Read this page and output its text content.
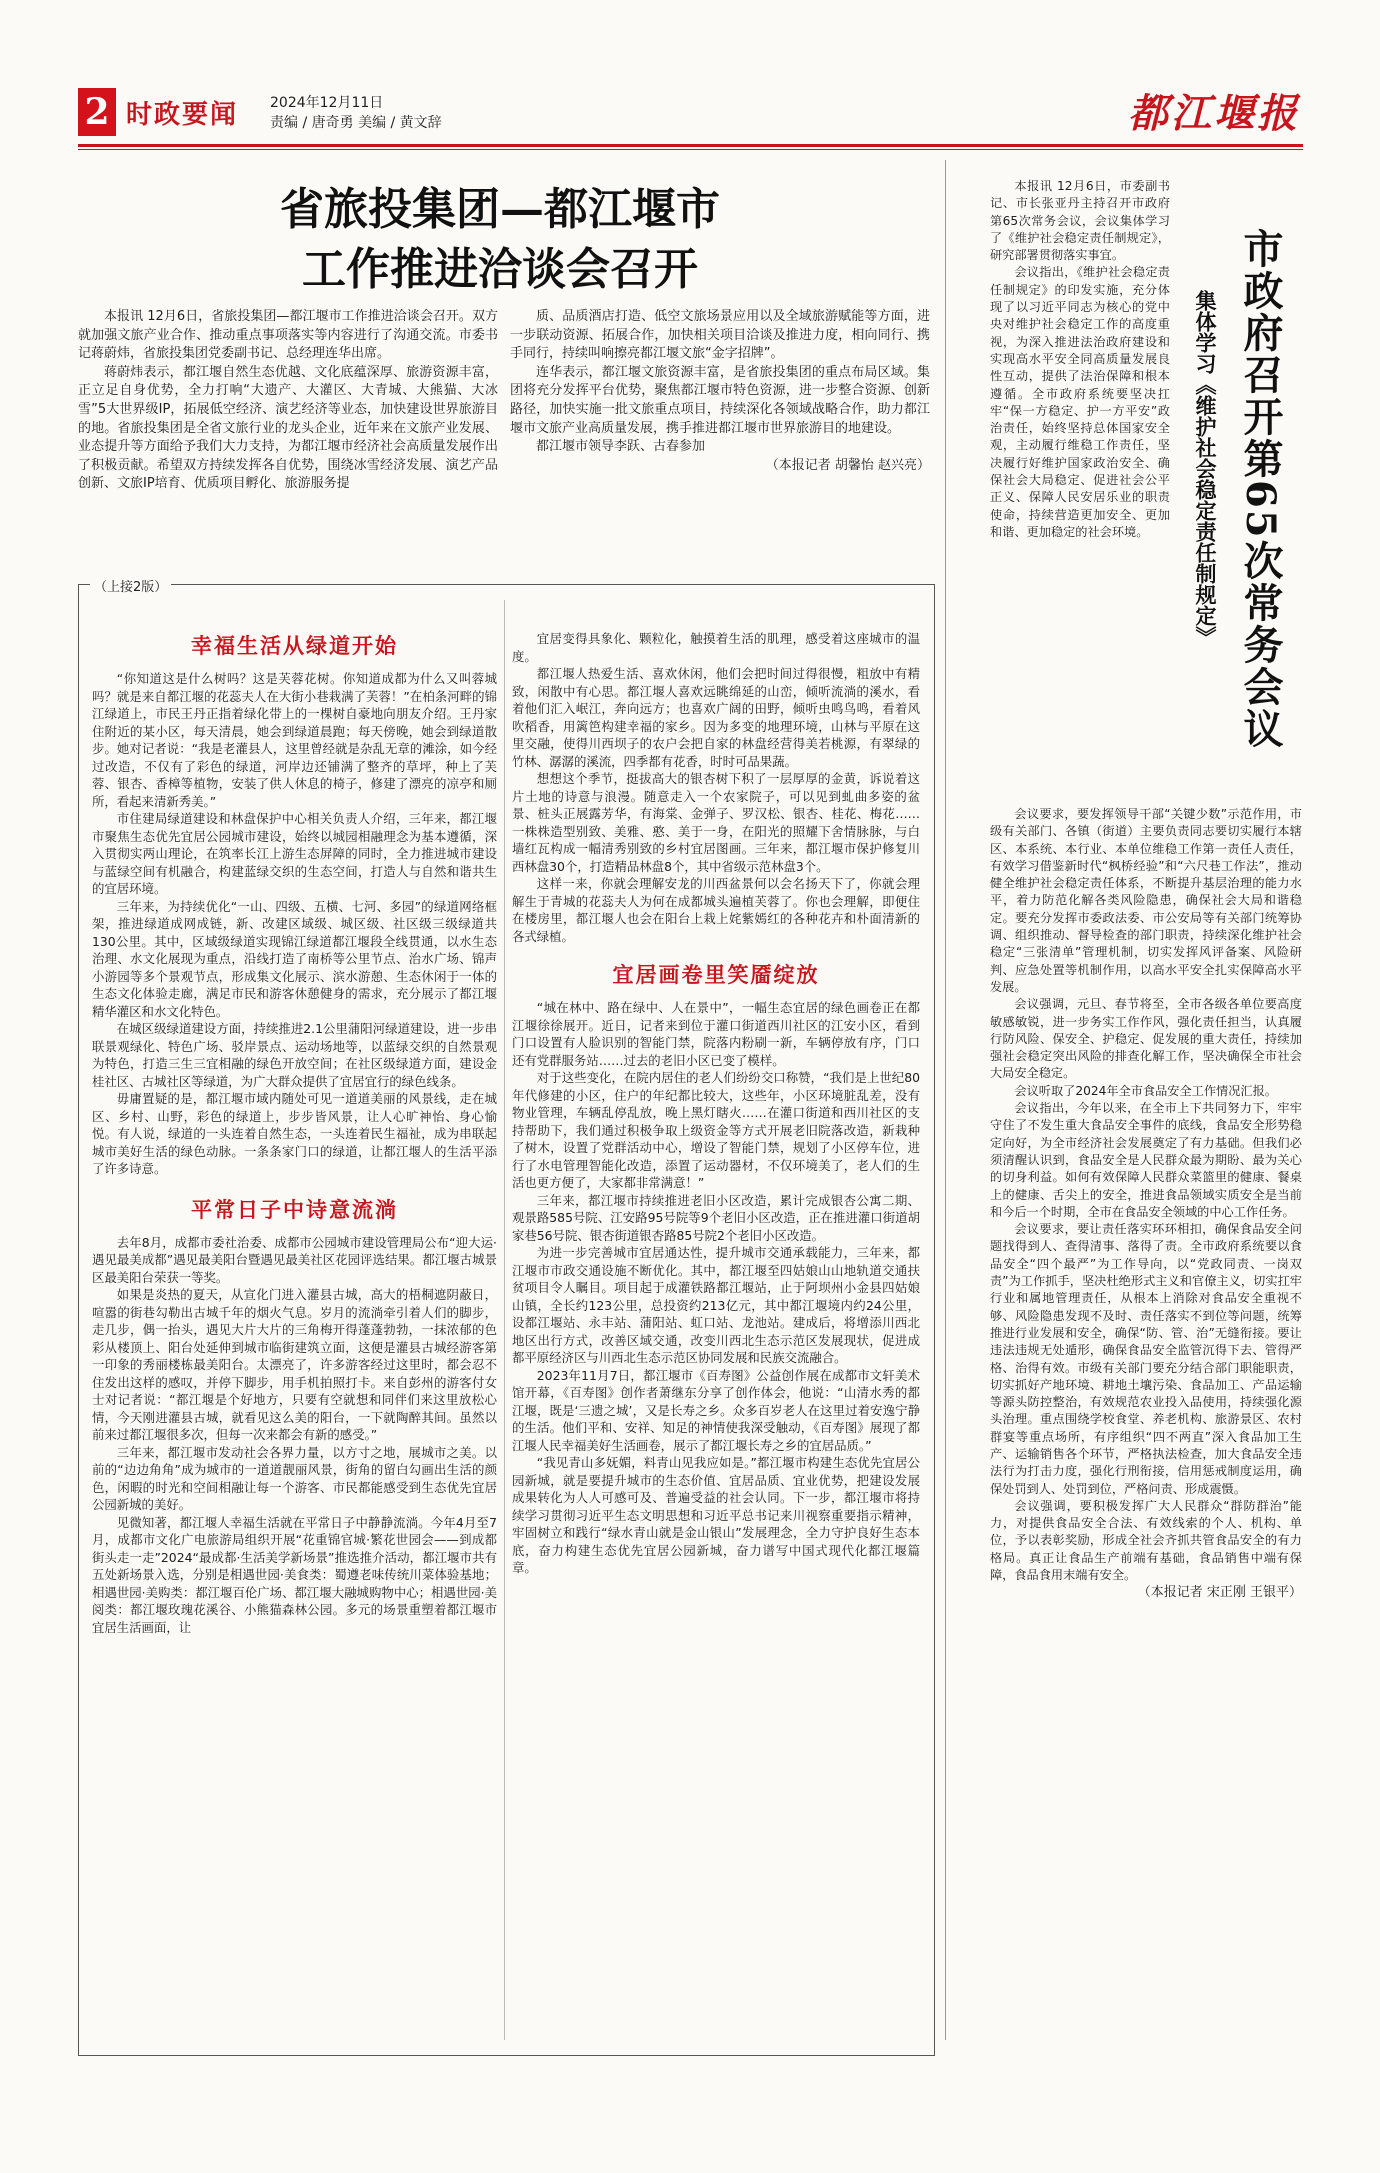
2 时政要闻 2024年12月11日
责编 / 唐奇勇 美编 / 黄文辞	都江堰报
省旅投集团—都江堰市
工作推进洽谈会召开

本报讯 12月6日，省旅投集团—都江堰市工作推进洽谈会召开。双方就加强文旅产业合作、推动重点事项落实等内容进行了沟通交流。市委书记蒋蔚炜，省旅投集团党委副书记、总经理连华出席。

蒋蔚炜表示，都江堰自然生态优越、文化底蕴深厚、旅游资源丰富，正立足自身优势，全力打响“大遗产、大灌区、大青城、大熊猫、大冰雪”5大世界级IP，拓展低空经济、演艺经济等业态，加快建设世界旅游目的地。省旅投集团是全省文旅行业的龙头企业，近年来在文旅产业发展、业态提升等方面给予我们大力支持，为都江堰市经济社会高质量发展作出了积极贡献。希望双方持续发挥各自优势，围绕冰雪经济发展、演艺产品创新、文旅IP培育、优质项目孵化、旅游服务提

质、品质酒店打造、低空文旅场景应用以及全域旅游赋能等方面，进一步联动资源、拓展合作，加快相关项目洽谈及推进力度，相向同行、携手同行，持续叫响擦亮都江堰文旅“金字招牌”。

连华表示，都江堰文旅资源丰富，是省旅投集团的重点布局区域。集团将充分发挥平台优势，聚焦都江堰市特色资源，进一步整合资源、创新路径，加快实施一批文旅重点项目，持续深化各领域战略合作，助力都江堰市文旅产业高质量发展，携手推进都江堰市世界旅游目的地建设。

都江堰市领导李跃、古春参加

（本报记者 胡馨怡 赵兴亮）	市政府召开第65次常务会议
集体学习《维护社会稳定责任制规定》

本报讯 12月6日，市委副书记、市长张亚丹主持召开市政府第65次常务会议，会议集体学习了《维护社会稳定责任制规定》，研究部署贯彻落实事宜。

会议指出，《维护社会稳定责任制规定》的印发实施，充分体现了以习近平同志为核心的党中央对维护社会稳定工作的高度重视，为深入推进法治政府建设和实现高水平安全同高质量发展良性互动，提供了法治保障和根本遵循。全市政府系统要坚决扛牢“保一方稳定、护一方平安”政治责任，始终坚持总体国家安全观，主动履行维稳工作责任，坚决履行好维护国家政治安全、确保社会大局稳定、促进社会公平正义、保障人民安居乐业的职责使命，持续营造更加安全、更加和谐、更加稳定的社会环境。

会议要求，要发挥领导干部“关键少数”示范作用，市级有关部门、各镇（街道）主要负责同志要切实履行本辖区、本系统、本行业、本单位维稳工作第一责任人责任，有效学习借鉴新时代“枫桥经验”和“六尺巷工作法”，推动健全维护社会稳定责任体系，不断提升基层治理的能力水平，着力防范化解各类风险隐患，确保社会大局和谐稳定。要充分发挥市委政法委、市公安局等有关部门统筹协调、组织推动、督导检查的部门职责，持续深化维护社会稳定“三张清单”管理机制，切实发挥风评备案、风险研判、应急处置等机制作用，以高水平安全扎实保障高水平发展。

会议强调，元旦、春节将至，全市各级各单位要高度敏感敏锐，进一步务实工作作风，强化责任担当，认真履行防风险、保安全、护稳定、促发展的重大责任，持续加强社会稳定突出风险的排查化解工作，坚决确保全市社会大局安全稳定。

会议听取了2024年全市食品安全工作情况汇报。

会议指出，今年以来，在全市上下共同努力下，牢牢守住了不发生重大食品安全事件的底线，食品安全形势稳定向好，为全市经济社会发展奠定了有力基础。但我们必须清醒认识到，食品安全是人民群众最为期盼、最为关心的切身利益。如何有效保障人民群众菜篮里的健康、餐桌上的健康、舌尖上的安全，推进食品领域实质安全是当前和今后一个时期，全市在食品安全领域的中心工作任务。

会议要求，要让责任落实环环相扣，确保食品安全问题找得到人、查得清事、落得了责。全市政府系统要以食品安全“四个最严”为工作导向，以“党政同责、一岗双责”为工作抓手，坚决杜绝形式主义和官僚主义，切实扛牢行业和属地管理责任，从根本上消除对食品安全重视不够、风险隐患发现不及时、责任落实不到位等问题，统筹推进行业发展和安全，确保“防、管、治”无缝衔接。要让违法违规无处遁形，确保食品安全监管沉得下去、管得严格、治得有效。市级有关部门要充分结合部门职能职责，切实抓好产地环境、耕地土壤污染、食品加工、产品运输等源头防控整治，有效规范农业投入品使用，持续强化源头治理。重点围绕学校食堂、养老机构、旅游景区、农村群宴等重点场所，有序组织“四不两直”深入食品加工生产、运输销售各个环节，严格执法检查，加大食品安全违法行为打击力度，强化行刑衔接，信用惩戒制度运用，确保处罚到人、处罚到位，严格问责、形成震慑。

会议强调，要积极发挥广大人民群众“群防群治”能力，对提供食品安全合法、有效线索的个人、机构、单位，予以表彰奖励，形成全社会齐抓共管食品安全的有力格局。真正让食品生产前端有基础，食品销售中端有保障，食品食用末端有安全。

（本报记者 宋正刚 王银平）
（上接2版）
幸福生活从绿道开始

“你知道这是什么树吗？这是芙蓉花树。你知道成都为什么又叫蓉城吗？就是来自都江堰的花蕊夫人在大街小巷栽满了芙蓉！”在柏条河畔的锦江绿道上，市民王丹正指着绿化带上的一棵树自豪地向朋友介绍。王丹家住附近的某小区，每天清晨，她会到绿道晨跑；每天傍晚，她会到绿道散步。她对记者说：“我是老灌县人，这里曾经就是杂乱无章的滩涂，如今经过改造，不仅有了彩色的绿道，河岸边还铺满了整齐的草坪，种上了芙蓉、银杏、香樟等植物，安装了供人休息的椅子，修建了漂亮的凉亭和厕所，看起来清新秀美。”

市住建局绿道建设和林盘保护中心相关负责人介绍，三年来，都江堰市聚焦生态优先宜居公园城市建设，始终以城园相融理念为基本遵循，深入贯彻实两山理论，在筑率长江上游生态屏障的同时，全力推进城市建设与蓝绿空间有机融合，构建蓝绿交织的生态空间，打造人与自然和谐共生的宜居环境。

三年来，为持续优化“一山、四级、五横、七河、多园”的绿道网络框架，推进绿道成网成链，新、改建区域级、城区级、社区级三级绿道共130公里。其中，区域级绿道实现锦江绿道都江堰段全线贯通，以水生态治理、水文化展现为重点，沿线打造了南桥等公里节点、治水广场、锦声小游园等多个景观节点，形成集文化展示、滨水游憩、生态休闲于一体的生态文化体验走廊，满足市民和游客休憩健身的需求，充分展示了都江堰精华灌区和水文化特色。

在城区级绿道建设方面，持续推进2.1公里蒲阳河绿道建设，进一步串联景观绿化、特色广场、驳岸景点、运动场地等，以蓝绿交织的自然景观为特色，打造三生三宜相融的绿色开放空间；在社区级绿道方面，建设金桂社区、古城社区等绿道，为广大群众提供了宜居宜行的绿色线条。

毋庸置疑的是，都江堰市域内随处可见一道道美丽的风景线，走在城区、乡村、山野，彩色的绿道上，步步皆风景，让人心旷神怡、身心愉悦。有人说，绿道的一头连着自然生态，一头连着民生福祉，成为串联起城市美好生活的绿色动脉。一条条家门口的绿道，让都江堰人的生活平添了许多诗意。

平常日子中诗意流淌

去年8月，成都市委社治委、成都市公园城市建设管理局公布“迎大运·遇见最美成都”遇见最美阳台暨遇见最美社区花园评选结果。都江堰古城景区最美阳台荣获一等奖。

如果是炎热的夏天，从宣化门进入灌县古城，高大的梧桐遮阴蔽日，喧嚣的街巷勾勒出古城千年的烟火气息。岁月的流淌牵引着人们的脚步，走几步，偶一抬头，遇见大片大片的三角梅开得蓬蓬勃勃，一抹浓郁的色彩从楼顶上、阳台处延伸到城市临街建筑立面，这便是灌县古城经游客第一印象的秀丽楼栋最美阳台。太漂亮了，许多游客经过这里时，都会忍不住发出这样的感叹，并停下脚步，用手机拍照打卡。来自彭州的游客付女士对记者说：“都江堰是个好地方，只要有空就想和同伴们来这里放松心情，今天刚进灌县古城，就看见这么美的阳台，一下就陶醉其间。虽然以前来过都江堰很多次，但每一次来都会有新的感受。”

三年来，都江堰市发动社会各界力量，以方寸之地，展城市之美。以前的“边边角角”成为城市的一道道靓丽风景，街角的留白勾画出生活的颜色，闲暇的时光和空间相融让每一个游客、市民都能感受到生态优先宜居公园新城的美好。

见微知著，都江堰人幸福生活就在平常日子中静静流淌。今年4月至7月，成都市文化广电旅游局组织开展“花重锦官城·繁花世园会——到成都街头走一走”2024“最成都·生活美学新场景”推选推介活动，都江堰市共有五处新场景入选，分别是相遇世园·美食类：蜀遵老味传统川菜体验基地；相遇世园·美购类：都江堰百伦广场、都江堰大融城购物中心；相遇世园·美阅类：都江堰玫瑰花溪谷、小熊猫森林公园。多元的场景重塑着都江堰市宜居生活画面，让

宜居变得具象化、颗粒化，触摸着生活的肌理，感受着这座城市的温度。

都江堰人热爱生活、喜欢休闲，他们会把时间过得很慢，粗放中有精致，闲散中有心思。都江堰人喜欢远眺绵延的山峦，倾听流淌的溪水，看着他们汇入岷江，奔向远方；也喜欢广阔的田野，倾听虫鸣鸟鸣，看着风吹稻香，用篱笆构建幸福的家乡。因为多变的地理环境，山林与平原在这里交融，使得川西坝子的农户会把自家的林盘经营得美若桃源，有翠绿的竹林、潺潺的溪流，四季都有花香，时时可品果蔬。

想想这个季节，挺拔高大的银杏树下积了一层厚厚的金黄，诉说着这片土地的诗意与浪漫。随意走入一个农家院子，可以见到虬曲多姿的盆景、桩头正展露芳华，有海棠、金弹子、罗汉松、银杏、桂花、梅花……一株株造型别致、美雅、憨、美于一身，在阳光的照耀下舍情脉脉，与白墙红瓦构成一幅清秀别致的乡村宜居图画。三年来，都江堰市保护修复川西林盘30个，打造精品林盘8个，其中省级示范林盘3个。

这样一来，你就会理解安龙的川西盆景何以会名扬天下了，你就会理解生于青城的花蕊夫人为何在成都城头遍植芙蓉了。你也会理解，即便住在楼房里，都江堰人也会在阳台上栽上姹紫嫣红的各种花卉和朴面清新的各式绿植。

宜居画卷里笑靥绽放

“城在林中、路在绿中、人在景中”，一幅生态宜居的绿色画卷正在都江堰徐徐展开。近日，记者来到位于灌口街道西川社区的江安小区，看到门口设置有人脸识别的智能门禁，院落内粉刷一新，车辆停放有序，门口还有党群服务站……过去的老旧小区已变了模样。

对于这些变化，在院内居住的老人们纷纷交口称赞，“我们是上世纪80年代修建的小区，住户的年纪都比较大，这些年，小区环境脏乱差，没有物业管理，车辆乱停乱放，晚上黑灯瞎火……在灌口街道和西川社区的支持帮助下，我们通过积极争取上级资金等方式开展老旧院落改造，新栽种了树木，设置了党群活动中心，增设了智能门禁，规划了小区停车位，进行了水电管理智能化改造，添置了运动器材，不仅环境美了，老人们的生活也更方便了，大家都非常满意！”

三年来，都江堰市持续推进老旧小区改造，累计完成银杏公寓二期、观景路585号院、江安路95号院等9个老旧小区改造，正在推进灌口街道胡家巷56号院、银杏街道银杏路85号院2个老旧小区改造。

为进一步完善城市宜居通达性，提升城市交通承载能力，三年来，都江堰市市政交通设施不断优化。其中，都江堰至四姑娘山山地轨道交通扶贫项目令人瞩目。项目起于成灌铁路都江堰站，止于阿坝州小金县四姑娘山镇，全长约123公里，总投资约213亿元，其中都江堰境内约24公里，设都江堰站、永丰站、蒲阳站、虹口站、龙池站。建成后，将增添川西北地区出行方式，改善区域交通，改变川西北生态示范区发展现状，促进成都平原经济区与川西北生态示范区协同发展和民族交流融合。

2023年11月7日，都江堰市《百寿图》公益创作展在成都市文轩美术馆开幕，《百寿图》创作者萧继东分享了创作体会，他说：“山清水秀的都江堰，既是‘三遗之城’，又是长寿之乡。众多百岁老人在这里过着安逸宁静的生活。他们平和、安祥、知足的神情使我深受触动，《百寿图》展现了都江堰人民幸福美好生活画卷，展示了都江堰长寿之乡的宜居品质。”

“我见青山多妩媚，料青山见我应如是。”都江堰市构建生态优先宜居公园新城，就是要提升城市的生态价值、宜居品质、宜业优势，把建设发展成果转化为人人可感可及、普遍受益的社会认同。下一步，都江堰市将持续学习贯彻习近平生态文明思想和习近平总书记来川视察重要指示精神，牢固树立和践行“绿水青山就是金山银山”发展理念，全力守护良好生态本底，奋力构建生态优先宜居公园新城，奋力谱写中国式现代化都江堰篇章。
